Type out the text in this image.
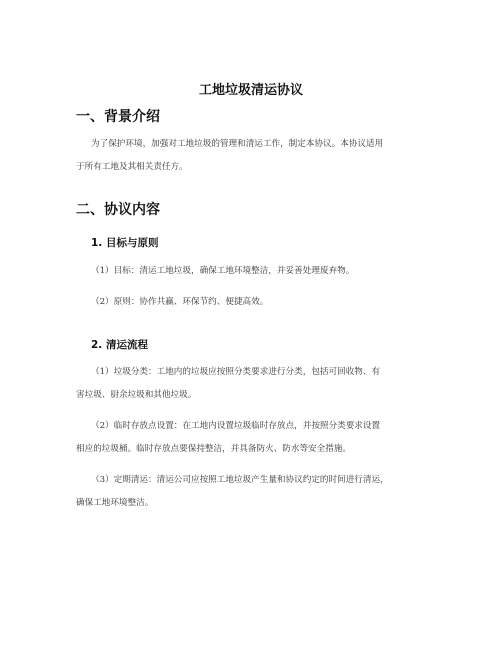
工地垃圾清运协议
一、背景介绍
为了保护环境，加强对工地垃圾的管理和清运工作，制定本协议。本协议适用
于所有工地及其相关责任方。
二、协议内容
1. 目标与原则
（1）目标：清运工地垃圾，确保工地环境整洁，并妥善处理废弃物。
（2）原则：协作共赢、环保节约、便捷高效。
2. 清运流程
（1）垃圾分类：工地内的垃圾应按照分类要求进行分类，包括可回收物、有
害垃圾、厨余垃圾和其他垃圾。
（2）临时存放点设置：在工地内设置垃圾临时存放点，并按照分类要求设置
相应的垃圾桶。临时存放点要保持整洁，并具备防火、防水等安全措施。
（3）定期清运：清运公司应按照工地垃圾产生量和协议约定的时间进行清运，
确保工地环境整洁。
